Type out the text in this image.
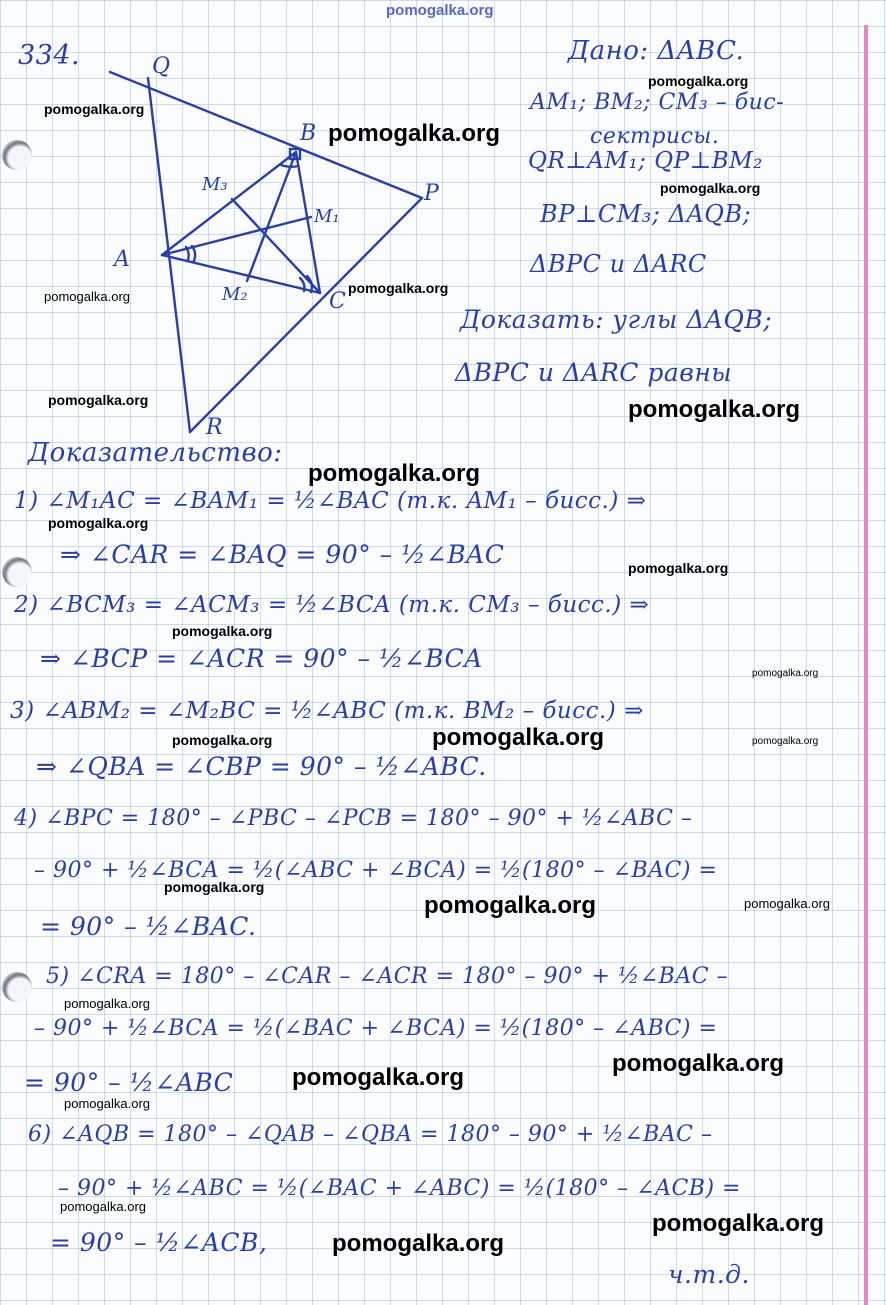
pomogalka.org
Q
B
P
A
C
R
M₁
M₂
M₃
334.	Дано: ΔABC.
AM₁; BM₂; CM₃ – бис-
сектрисы.
QR⊥AM₁; QP⊥BM₂
BP⊥CM₃; ΔAQB;
ΔBPC и ΔARC
Доказать: углы ΔAQB;
ΔBPC и ΔARC равны
Доказательство:
1) ∠M₁AC = ∠BAM₁ = ½∠BAC (т.к. AM₁ – бисс.) ⇒
⇒ ∠CAR = ∠BAQ = 90° – ½∠BAC
2) ∠BCM₃ = ∠ACM₃ = ½∠BCA (т.к. CM₃ – бисс.) ⇒
⇒ ∠BCP = ∠ACR = 90° – ½∠BCA
3) ∠ABM₂ = ∠M₂BC = ½∠ABC (т.к. BM₂ – бисс.) ⇒
⇒ ∠QBA = ∠CBP = 90° – ½∠ABC.
4) ∠BPC = 180° – ∠PBC – ∠PCB = 180° – 90° + ½∠ABC –
– 90° + ½∠BCA = ½(∠ABC + ∠BCA) = ½(180° – ∠BAC) =
= 90° – ½∠BAC.
5) ∠CRA = 180° – ∠CAR – ∠ACR = 180° – 90° + ½∠BAC –
– 90° + ½∠BCA = ½(∠BAC + ∠BCA) = ½(180° – ∠ABC) =
= 90° – ½∠ABC
6) ∠AQB = 180° – ∠QAB – ∠QBA = 180° – 90° + ½∠BAC –
– 90° + ½∠ABC = ½(∠BAC + ∠ABC) = ½(180° – ∠ACB) =
= 90° – ½∠ACB,
ч.т.д.
pomogalka.org
pomogalka.org
pomogalka.org
pomogalka.org
pomogalka.org
pomogalka.org
pomogalka.org	pomogalka.org
pomogalka.org
pomogalka.org
pomogalka.org
pomogalka.org
pomogalka.org
pomogalka.org
pomogalka.org	pomogalka.org
pomogalka.org
pomogalka.org	pomogalka.org
pomogalka.org
pomogalka.org
pomogalka.org
pomogalka.org
pomogalka.org
pomogalka.org
pomogalka.org
